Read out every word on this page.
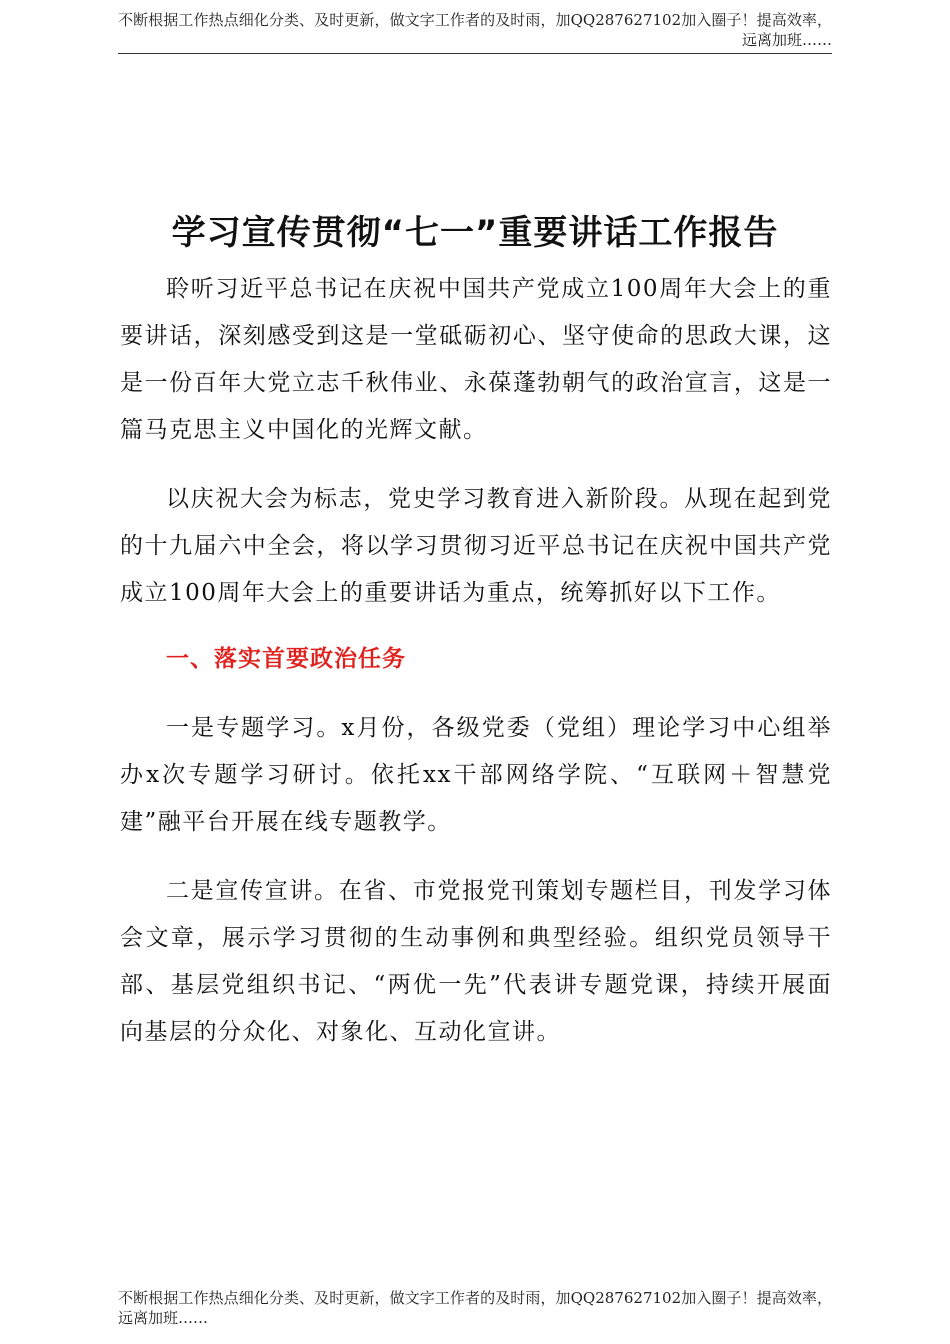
不断根据工作热点细化分类、及时更新，做文字工作者的及时雨，加QQ287627102加入圈子！提高效率，远离加班……
学习宣传贯彻“七一”重要讲话工作报告

聆听习近平总书记在庆祝中国共产党成立100周年大会上的重要讲话，深刻感受到这是一堂砥砺初心、坚守使命的思政大课，这是一份百年大党立志千秋伟业、永葆蓬勃朝气的政治宣言，这是一篇马克思主义中国化的光辉文献。

以庆祝大会为标志，党史学习教育进入新阶段。从现在起到党的十九届六中全会，将以学习贯彻习近平总书记在庆祝中国共产党成立100周年大会上的重要讲话为重点，统筹抓好以下工作。

一、落实首要政治任务

一是专题学习。x月份，各级党委（党组）理论学习中心组举办x次专题学习研讨。依托xx干部网络学院、“互联网＋智慧党建”融平台开展在线专题教学。

二是宣传宣讲。在省、市党报党刊策划专题栏目，刊发学习体会文章，展示学习贯彻的生动事例和典型经验。组织党员领导干部、基层党组织书记、“两优一先”代表讲专题党课，持续开展面向基层的分众化、对象化、互动化宣讲。

不断根据工作热点细化分类、及时更新，做文字工作者的及时雨，加QQ287627102加入圈子！提高效率，远离加班……
